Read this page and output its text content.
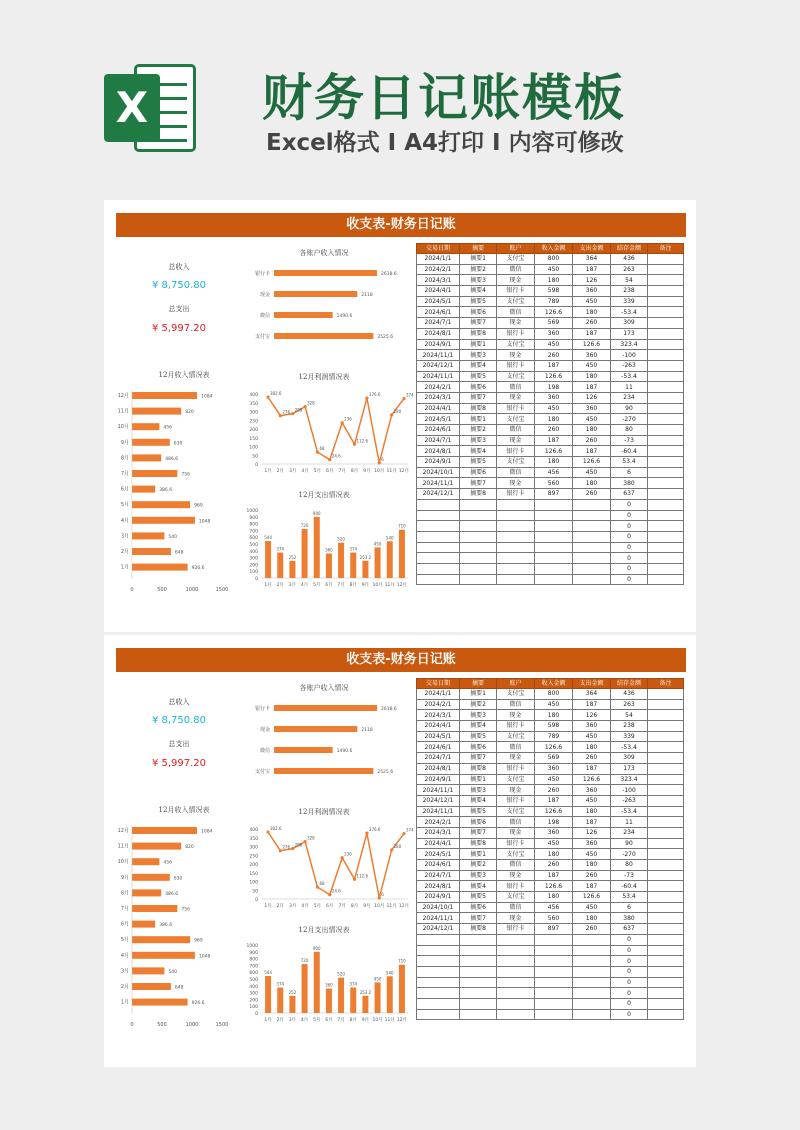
X 财务日记账模板
Excel格式 I A4打印 I 内容可修改
收支表-财务日记账
总收入
¥ 8,750.80
总支出
¥ 5,997.20
各账户收入情况
银行卡	2618.6
现金	2118
微信	1490.6
支付宝	2525.6
12月收入情况表
12月	1084
11月	820
10月	456
9月	630
8月	486.6
7月	756
6月	386.6
5月	969
4月	1048
3月	540
2月	648
1月	926.6
0	500	1000	1500
12月利润情况表
0
50
100
150
200
250
300
350
400	382.6
1月
276
2月
288
3月
328
4月
68
5月
24.6
6月
236
7月
112.6
8月
376.6
9月
6
10月
280
11月
374
12月
12月支出情况表
0
100
200
300
400
500
600
700
800
900
1000
544
1月
374
2月
252
3月
720
4月
900
5月
360
6月
520
7月
374
8月
253.2
9月
450
10月
540
11月
710
12月
交易日期	摘要	账户	收入金额	支出金额	结存金额	备注
2024/1/1	摘要1	支付宝	800	364	436	
2024/2/1	摘要2	微信	450	187	263	
2024/3/1	摘要3	现金	180	126	54	
2024/4/1	摘要4	银行卡	598	360	238	
2024/5/1	摘要5	支付宝	789	450	339	
2024/6/1	摘要6	微信	126.6	180	-53.4	
2024/7/1	摘要7	现金	569	260	309	
2024/8/1	摘要8	银行卡	360	187	173	
2024/9/1	摘要1	支付宝	450	126.6	323.4	
2024/11/1	摘要3	现金	260	360	-100	
2024/12/1	摘要4	银行卡	187	450	-263	
2024/11/1	摘要5	支付宝	126.6	180	-53.4	
2024/2/1	摘要6	微信	198	187	11	
2024/3/1	摘要7	现金	360	126	234	
2024/4/1	摘要8	银行卡	450	360	90	
2024/5/1	摘要1	支付宝	180	450	-270	
2024/6/1	摘要2	微信	260	180	80	
2024/7/1	摘要3	现金	187	260	-73	
2024/8/1	摘要4	银行卡	126.6	187	-60.4	
2024/9/1	摘要5	支付宝	180	126.6	53.4	
2024/10/1	摘要6	微信	456	450	6	
2024/11/1	摘要7	现金	560	180	380	
2024/12/1	摘要8	银行卡	897	260	637	
					0	
					0	
					0	
					0	
					0	
					0	
					0	
					0	
收支表-财务日记账
总收入
¥ 8,750.80
总支出
¥ 5,997.20
各账户收入情况
银行卡	2618.6
现金	2118
微信	1490.6
支付宝	2525.6
12月收入情况表
12月	1084
11月	820
10月	456
9月	630
8月	486.6
7月	756
6月	386.6
5月	969
4月	1048
3月	540
2月	648
1月	926.6
0	500	1000	1500
12月利润情况表
0
50
100
150
200
250
300
350
400	382.6
1月
276
2月
288
3月
328
4月
68
5月
24.6
6月
236
7月
112.6
8月
376.6
9月
6
10月
280
11月
374
12月
12月支出情况表
0
100
200
300
400
500
600
700
800
900
1000
544
1月
374
2月
252
3月
720
4月
900
5月
360
6月
520
7月
374
8月
253.2
9月
450
10月
540
11月
710
12月
交易日期	摘要	账户	收入金额	支出金额	结存金额	备注
2024/1/1	摘要1	支付宝	800	364	436	
2024/2/1	摘要2	微信	450	187	263	
2024/3/1	摘要3	现金	180	126	54	
2024/4/1	摘要4	银行卡	598	360	238	
2024/5/1	摘要5	支付宝	789	450	339	
2024/6/1	摘要6	微信	126.6	180	-53.4	
2024/7/1	摘要7	现金	569	260	309	
2024/8/1	摘要8	银行卡	360	187	173	
2024/9/1	摘要1	支付宝	450	126.6	323.4	
2024/11/1	摘要3	现金	260	360	-100	
2024/12/1	摘要4	银行卡	187	450	-263	
2024/11/1	摘要5	支付宝	126.6	180	-53.4	
2024/2/1	摘要6	微信	198	187	11	
2024/3/1	摘要7	现金	360	126	234	
2024/4/1	摘要8	银行卡	450	360	90	
2024/5/1	摘要1	支付宝	180	450	-270	
2024/6/1	摘要2	微信	260	180	80	
2024/7/1	摘要3	现金	187	260	-73	
2024/8/1	摘要4	银行卡	126.6	187	-60.4	
2024/9/1	摘要5	支付宝	180	126.6	53.4	
2024/10/1	摘要6	微信	456	450	6	
2024/11/1	摘要7	现金	560	180	380	
2024/12/1	摘要8	银行卡	897	260	637	
					0	
					0	
					0	
					0	
					0	
					0	
					0	
					0	
